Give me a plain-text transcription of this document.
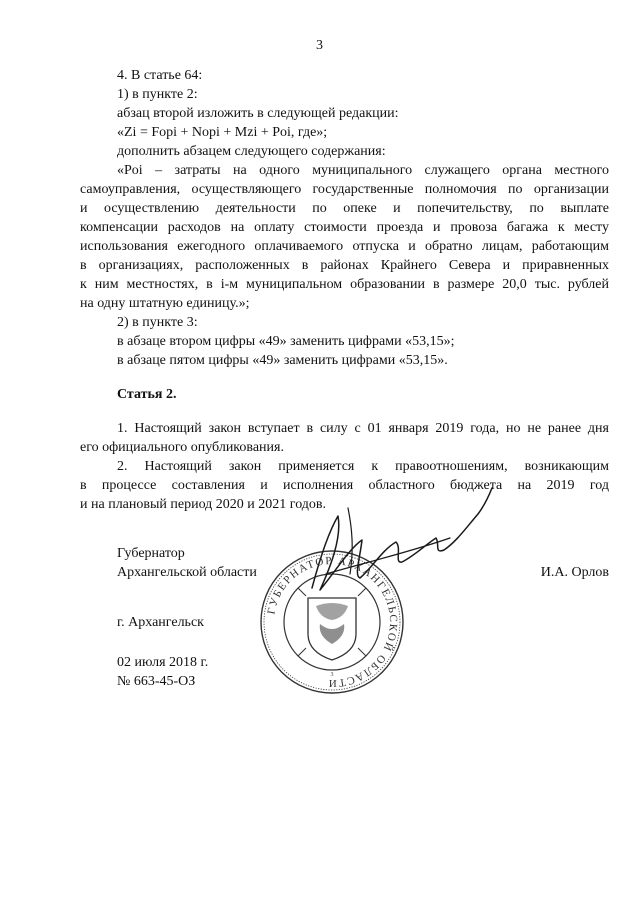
3
4. В статье 64:
1) в пункте 2:
абзац второй изложить в следующей редакции:
«Zi = Fopi + Nopi + Mzi + Poi, где»;
дополнить абзацем следующего содержания:
«Poi – затраты на одного муниципального служащего органа местного
самоуправления, осуществляющего государственные полномочия по организации
и осуществлению деятельности по опеке и попечительству, по выплате
компенсации расходов на оплату стоимости проезда и провоза багажа к месту
использования ежегодного оплачиваемого отпуска и обратно лицам, работающим
в организациях, расположенных в районах Крайнего Севера и приравненных
к ним местностях, в i-м муниципальном образовании в размере 20,0 тыс. рублей
на одну штатную единицу.»;
2) в пункте 3:
в абзаце втором цифры «49» заменить цифрами «53,15»;
в абзаце пятом цифры «49» заменить цифрами «53,15».
Статья 2.
1. Настоящий закон вступает в силу с 01 января 2019 года, но не ранее дня
его официального опубликования.
2. Настоящий закон применяется к правоотношениям, возникающим
в процессе составления и исполнения областного бюджета на 2019 год
и на плановый период 2020 и 2021 годов.
Губернатор
Архангельской области	И.А. Орлов
г. Архангельск
02 июля 2018 г.
№ 663-45-ОЗ
ГУБЕРНАТОР АРХАНГЕЛЬСКОЙ ОБЛАСТИ
3
